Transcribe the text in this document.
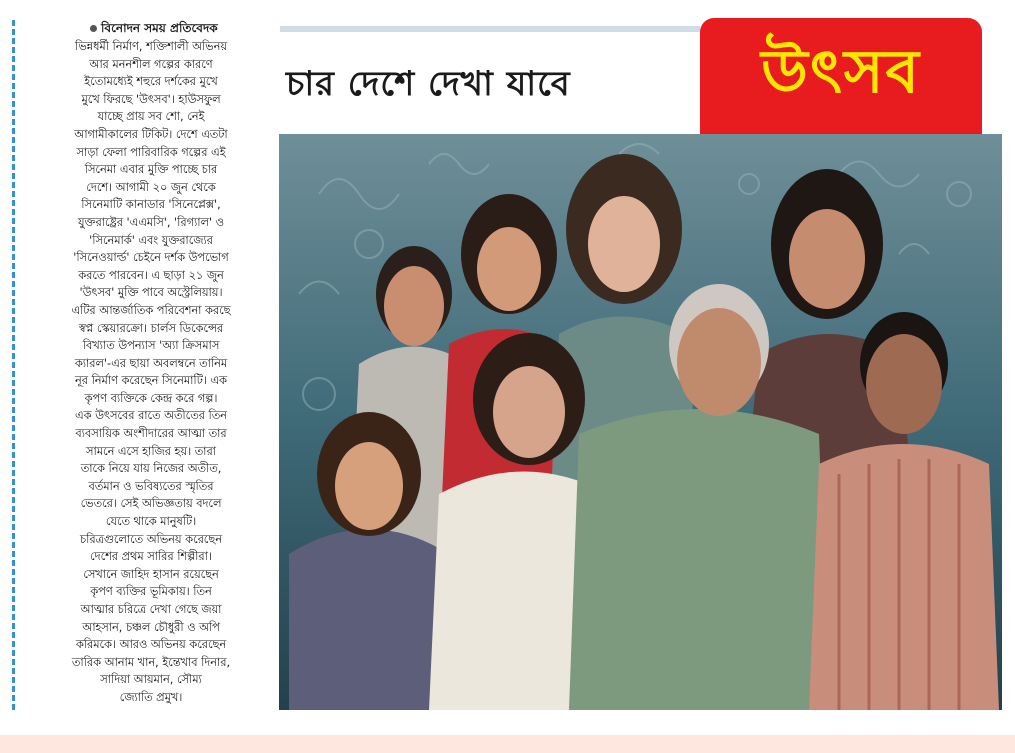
বিনোদন সময় প্রতিবেদক
ভিন্নধর্মী নির্মাণ, শক্তিশালী অভিনয়
আর মননশীল গল্পের কারণে
ইতোমধ্যেই শহুরে দর্শকের মুখে
মুখে ফিরছে 'উৎসব'। হাউসফুল
যাচ্ছে প্রায় সব শো, নেই
আগামীকালের টিকিট। দেশে এতটা
সাড়া ফেলা পারিবারিক গল্পের এই
সিনেমা এবার মুক্তি পাচ্ছে চার
দেশে। আগামী ২০ জুন থেকে
সিনেমাটি কানাডার 'সিনেপ্লেক্স',
যুক্তরাষ্ট্রের 'এএমসি', 'রিগ্যাল' ও
'সিনেমার্ক' এবং যুক্তরাজ্যের
'সিনেওয়ার্ল্ড' চেইনে দর্শক উপভোগ
করতে পারবেন। এ ছাড়া ২১ জুন
'উৎসব' মুক্তি পাবে অস্ট্রেলিয়ায়।
এটির আন্তর্জাতিক পরিবেশনা করছে
স্বপ্ন স্কেয়ারক্রো। চার্লস ডিকেন্সের
বিখ্যাত উপন্যাস 'অ্যা ক্রিসমাস
ক্যারল'-এর ছায়া অবলম্বনে তানিম
নূর নির্মাণ করেছেন সিনেমাটি। এক
কৃপণ ব্যক্তিকে কেন্দ্র করে গল্প।
এক উৎসবের রাতে অতীতের তিন
ব্যবসায়িক অংশীদারের আত্মা তার
সামনে এসে হাজির হয়। তারা
তাকে নিয়ে যায় নিজের অতীত,
বর্তমান ও ভবিষ্যতের স্মৃতির
ভেতরে। সেই অভিজ্ঞতায় বদলে
যেতে থাকে মানুষটি।
চরিত্রগুলোতে অভিনয় করেছেন
দেশের প্রথম সারির শিল্পীরা।
সেখানে জাহিদ হাসান রয়েছেন
কৃপণ ব্যক্তির ভূমিকায়। তিন
আত্মার চরিত্রে দেখা গেছে জয়া
আহসান, চঞ্চল চৌধুরী ও অপি
করিমকে। আরও অভিনয় করেছেন
তারিক আনাম খান, ইন্তেখাব দিনার,
সাদিয়া আয়মান, সৌম্য
জ্যোতি প্রমুখ।
চার দেশে দেখা যাবে	উৎসব
